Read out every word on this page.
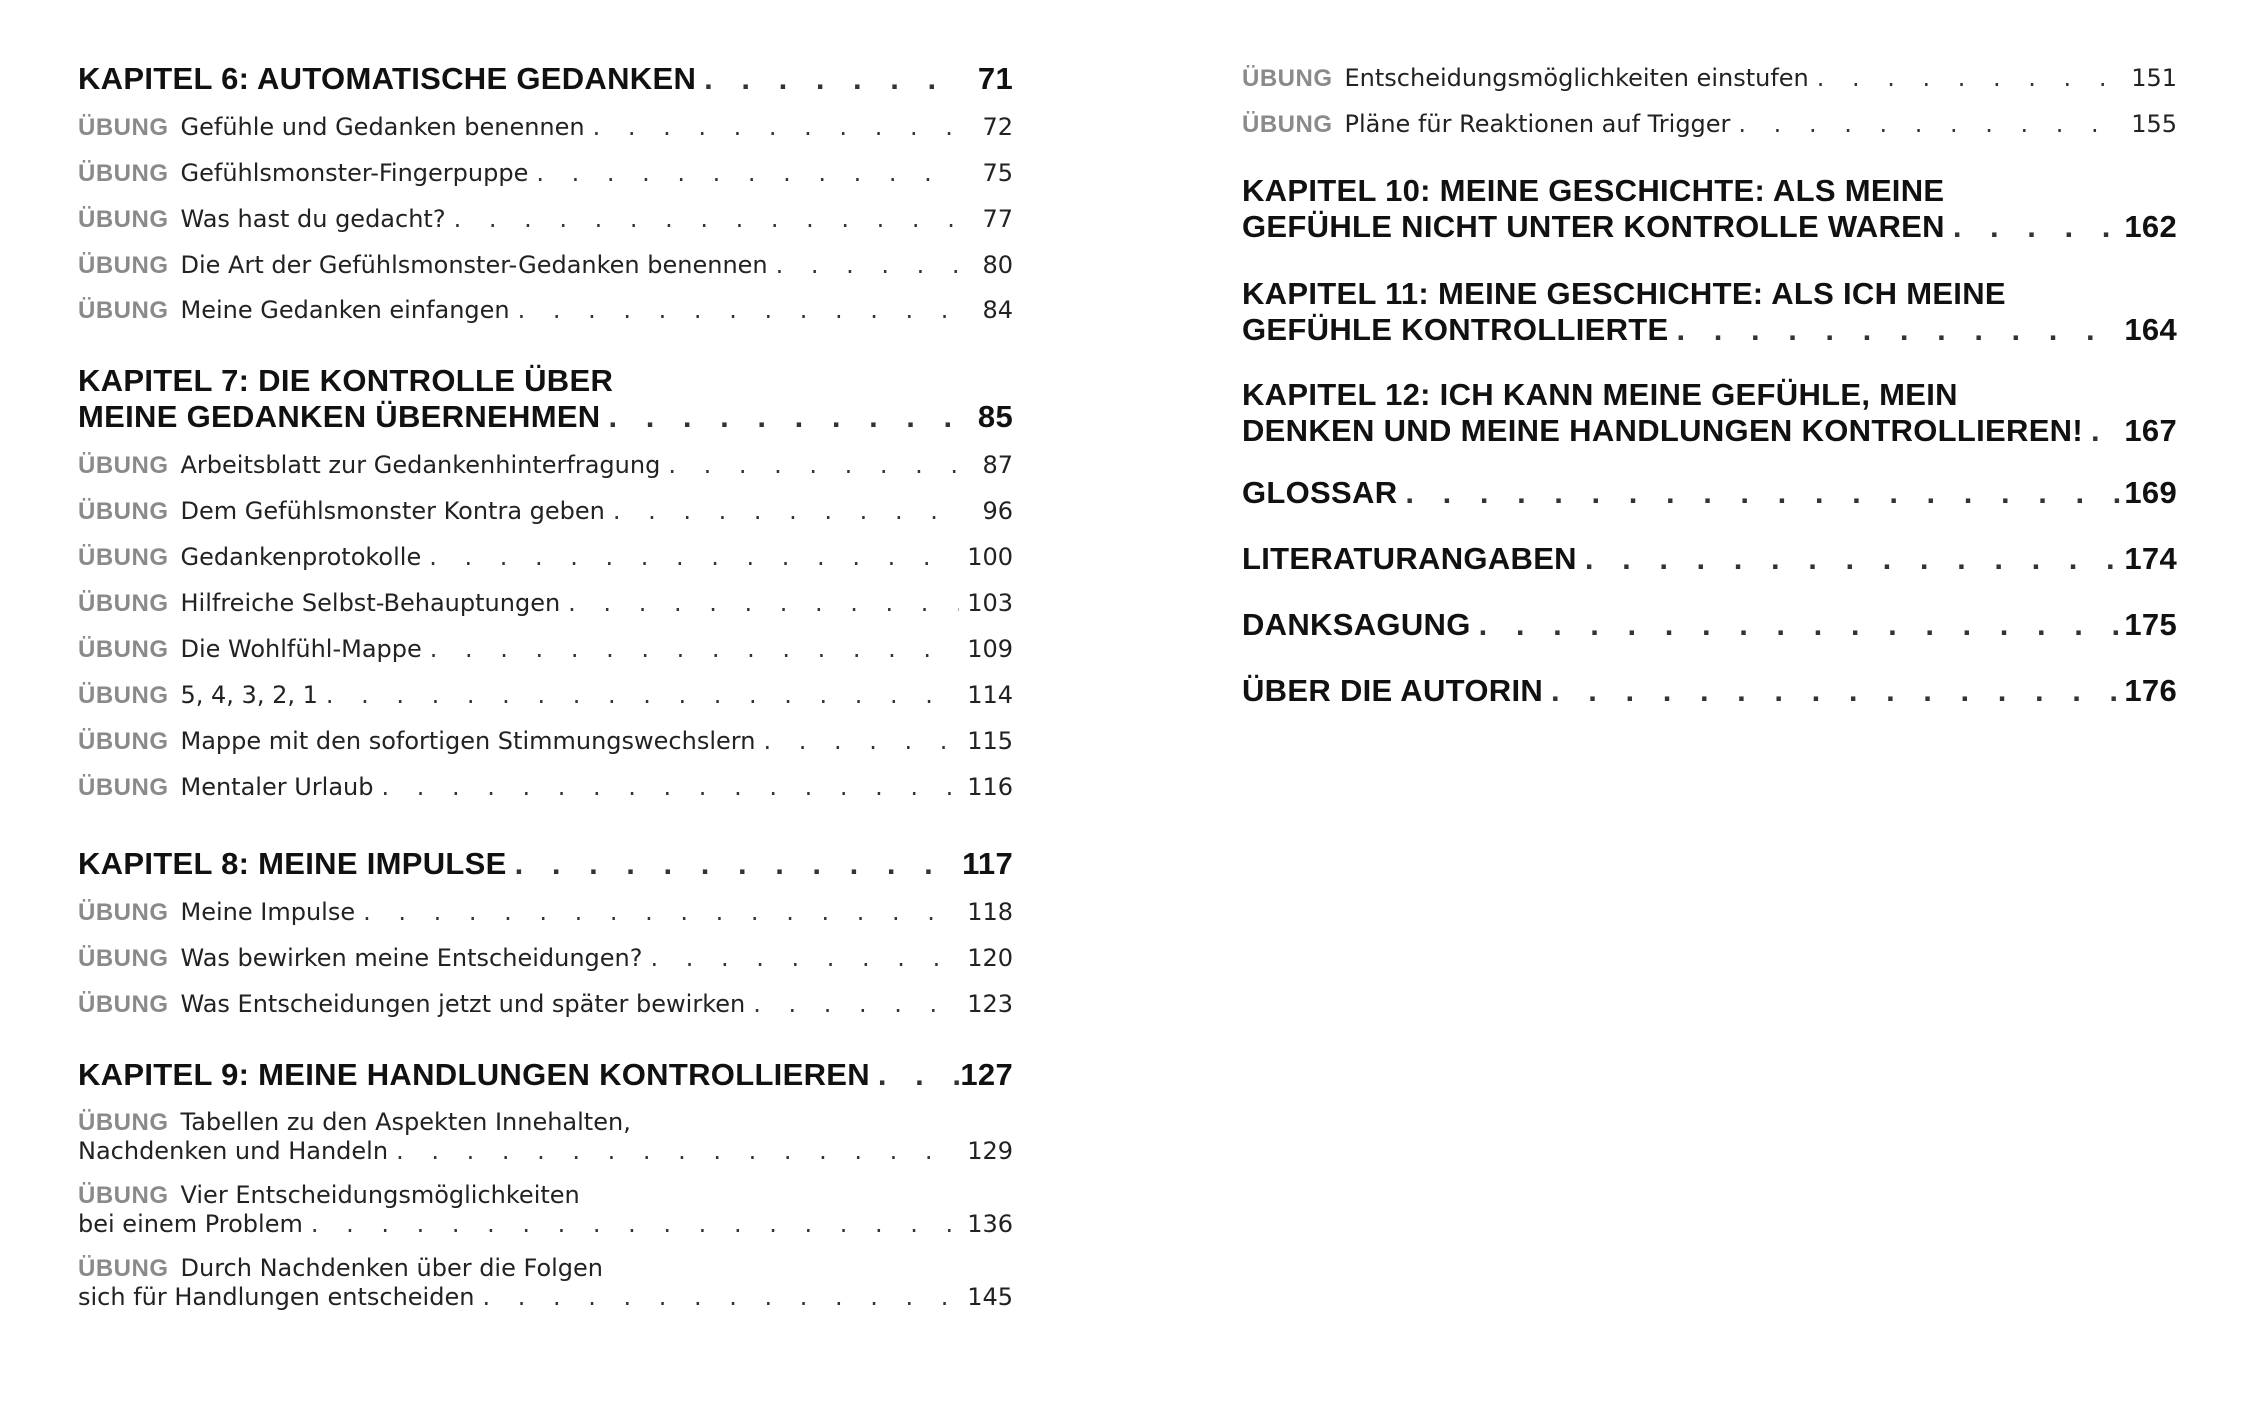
KAPITEL 6: AUTOMATISCHE GEDANKEN . . .	71
ÜBUNG Gefühle und Gedanken benennen . . .	72
ÜBUNG Gefühlsmonster-Fingerpuppe . . .	75
ÜBUNG Was hast du gedacht? . . .	77
ÜBUNG Die Art der Gefühlsmonster-Gedanken benennen . . .	80
ÜBUNG Meine Gedanken einfangen . . .	84
KAPITEL 7: DIE KONTROLLE ÜBER
MEINE GEDANKEN ÜBERNEHMEN . . .	85
ÜBUNG Arbeitsblatt zur Gedankenhinterfragung . . .	87
ÜBUNG Dem Gefühlsmonster Kontra geben . . .	96
ÜBUNG Gedankenprotokolle . . .	100
ÜBUNG Hilfreiche Selbst-Behauptungen . . .	103
ÜBUNG Die Wohlfühl-Mappe . . .	109
ÜBUNG 5, 4, 3, 2, 1 . . .	114
ÜBUNG Mappe mit den sofortigen Stimmungswechslern . . .	115
ÜBUNG Mentaler Urlaub . . .	116
KAPITEL 8: MEINE IMPULSE . . .	117
ÜBUNG Meine Impulse . . .	118
ÜBUNG Was bewirken meine Entscheidungen? . . .	120
ÜBUNG Was Entscheidungen jetzt und später bewirken . . .	123
KAPITEL 9: MEINE HANDLUNGEN KONTROLLIEREN . . .	127
ÜBUNG Tabellen zu den Aspekten Innehalten,
Nachdenken und Handeln . . .	129
ÜBUNG Vier Entscheidungsmöglichkeiten
bei einem Problem . . .	136
ÜBUNG Durch Nachdenken über die Folgen
sich für Handlungen entscheiden . . .	145
ÜBUNG Entscheidungsmöglichkeiten einstufen . . .	151
ÜBUNG Pläne für Reaktionen auf Trigger . . .	155
KAPITEL 10: MEINE GESCHICHTE: ALS MEINE
GEFÜHLE NICHT UNTER KONTROLLE WAREN . . .	162
KAPITEL 11: MEINE GESCHICHTE: ALS ICH MEINE
GEFÜHLE KONTROLLIERTE . . .	164
KAPITEL 12: ICH KANN MEINE GEFÜHLE, MEIN
DENKEN UND MEINE HANDLUNGEN KONTROLLIEREN! . . . 167
GLOSSAR . . .	169
LITERATURANGABEN . . .	174
DANKSAGUNG . . .	175
ÜBER DIE AUTORIN . . .	176
